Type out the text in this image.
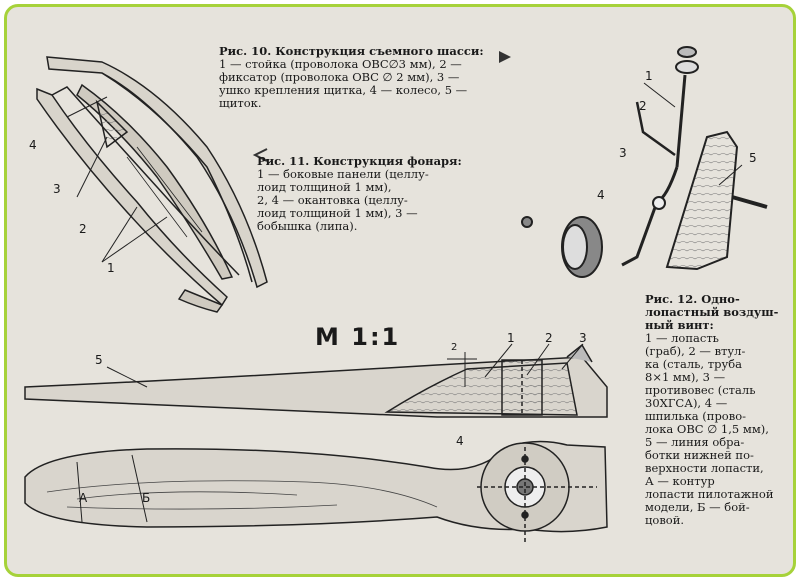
4
3
2
1
1
2
3
4
5
5
1	2 3
2
4
А	Б
Рис. 10. Конструкция съемного шасси:
1 — стойка (проволока ОВС∅3 мм), 2 —
фиксатор (проволока ОВС ∅ 2 мм), 3 —
ушко крепления щитка, 4 — колесо, 5 —
щиток.
Рис. 11. Конструкция фонаря:
1 — боковые панели (целлу-
лоид толщиной 1 мм),
2, 4 — окантовка (целлу-
лоид толщиной 1 мм), 3 —
бобышка (липа).
М 1:1
Рис. 12. Одно-
лопастный воздуш-
ный винт:
1 — лопасть
(граб), 2 — втул-
ка (сталь, труба
8×1 мм), 3 —
противовес (сталь
30ХГСА), 4 —
шпилька (прово-
лока ОВС ∅ 1,5 мм),
5 — линия обра-
ботки нижней по-
верхности лопасти,
А — контур
лопасти пилотажной
модели, Б — бой-
цовой.
